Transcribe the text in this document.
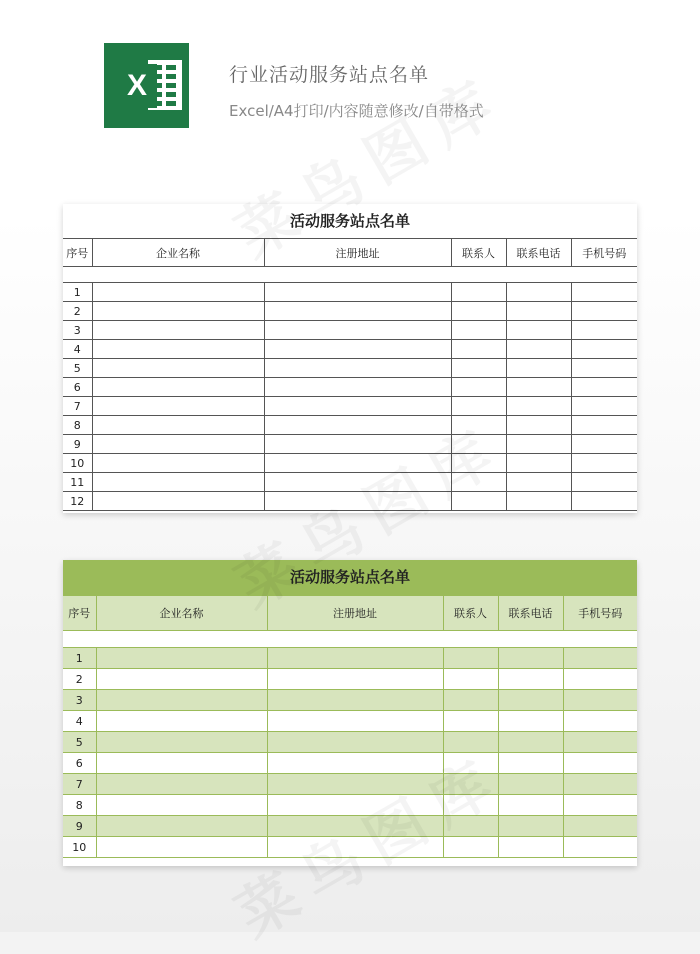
X	行业活动服务站点名单
Excel/A4打印/内容随意修改/自带格式
活动服务站点名单
序号	企业名称	注册地址	联系人	联系电话	手机号码

1					
2					
3					
4					
5					
6					
7					
8					
9					
10					
11					
12					
活动服务站点名单
序号	企业名称	注册地址	联系人	联系电话	手机号码

1					
2					
3					
4					
5					
6					
7					
8					
9					
10					
